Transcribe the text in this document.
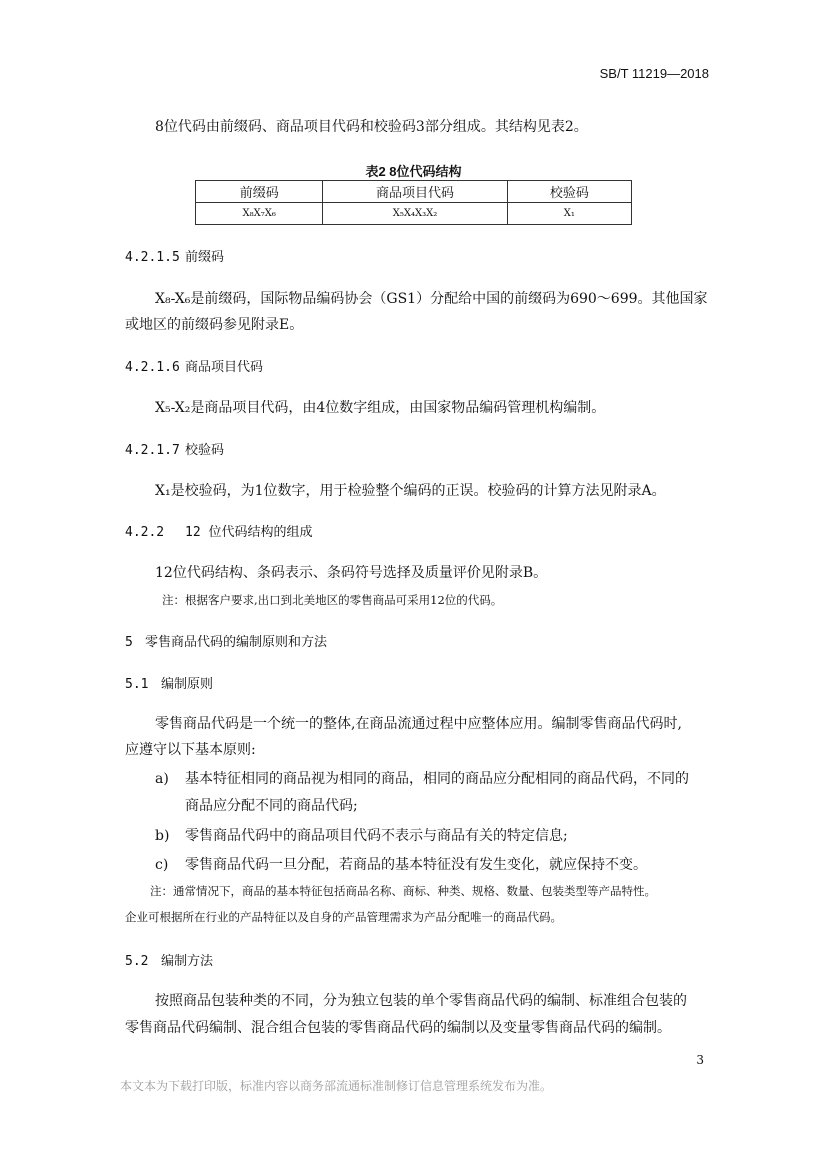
SB/T 11219—2018
8位代码由前缀码、商品项目代码和校验码3部分组成。其结构见表2。
表2 8位代码结构
前缀码	商品项目代码	校验码
X₈X₇X₆	X₅X₄X₃X₂	X₁
4.2.1.5 前缀码
X₈-X₆是前缀码，国际物品编码协会（GS1）分配给中国的前缀码为690～699。其他国家
或地区的前缀码参见附录E。
4.2.1.6 商品项目代码
X₅-X₂是商品项目代码，由4位数字组成，由国家物品编码管理机构编制。
4.2.1.7 校验码
X₁是校验码，为1位数字，用于检验整个编码的正误。校验码的计算方法见附录A。
4.2.2 12 位代码结构的组成
12位代码结构、条码表示、条码符号选择及质量评价见附录B。
注：根据客户要求,出口到北美地区的零售商品可采用12位的代码。
5 零售商品代码的编制原则和方法
5.1 编制原则
零售商品代码是一个统一的整体,在商品流通过程中应整体应用。编制零售商品代码时,
应遵守以下基本原则:
a) 基本特征相同的商品视为相同的商品，相同的商品应分配相同的商品代码，不同的
商品应分配不同的商品代码;
b) 零售商品代码中的商品项目代码不表示与商品有关的特定信息;
c) 零售商品代码一旦分配，若商品的基本特征没有发生变化，就应保持不变。
注：通常情况下，商品的基本特征包括商品名称、商标、种类、规格、数量、包装类型等产品特性。
企业可根据所在行业的产品特征以及自身的产品管理需求为产品分配唯一的商品代码。
5.2 编制方法
按照商品包装种类的不同，分为独立包装的单个零售商品代码的编制、标准组合包装的
零售商品代码编制、混合组合包装的零售商品代码的编制以及变量零售商品代码的编制。
3
本文本为下载打印版，标准内容以商务部流通标准制修订信息管理系统发布为准。
